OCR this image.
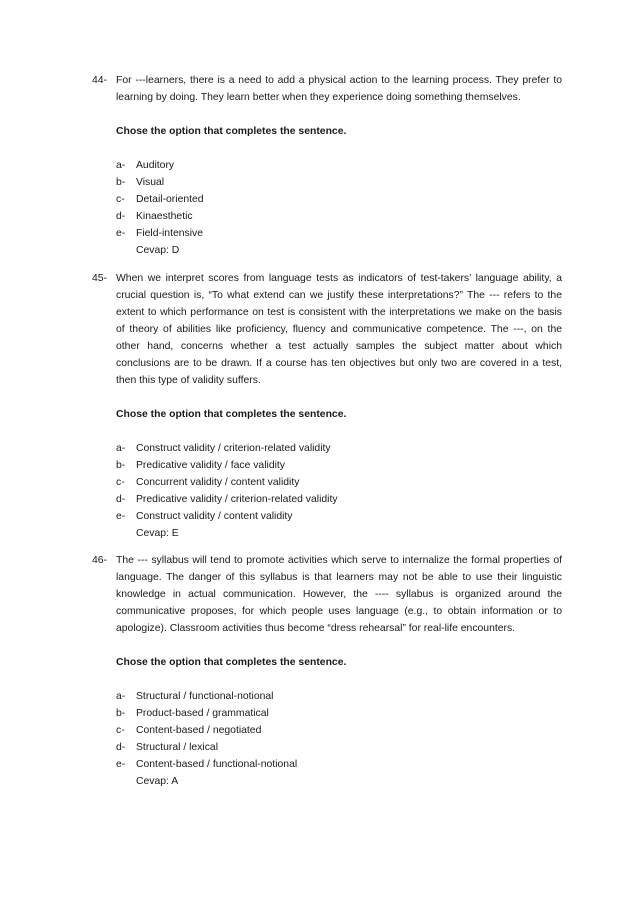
44- For ---learners, there is a need to add a physical action to the learning process. They prefer to learning by doing. They learn better when they experience doing something themselves.
Chose the option that completes the sentence.
a-	Auditory
b-	Visual
c-	Detail-oriented
d-	Kinaesthetic
e-	Field-intensive
Cevap: D
45- When we interpret scores from language tests as indicators of test-takers’ language ability, a crucial question is, “To what extend can we justify these interpretations?” The --- refers to the extent to which performance on test is consistent with the interpretations we make on the basis of theory of abilities like proficiency, fluency and communicative competence. The ---, on the other hand, concerns whether a test actually samples the subject matter about which conclusions are to be drawn. If a course has ten objectives but only two are covered in a test, then this type of validity suffers.
Chose the option that completes the sentence.
a-	Construct validity / criterion-related validity
b-	Predicative validity / face validity
c-	Concurrent validity / content validity
d-	Predicative validity / criterion-related validity
e-	Construct validity / content validity
Cevap: E
46- The --- syllabus will tend to promote activities which serve to internalize the formal properties of language. The danger of this syllabus is that learners may not be able to use their linguistic knowledge in actual communication. However, the ---- syllabus is organized around the communicative proposes, for which people uses language (e.g., to obtain information or to apologize). Classroom activities thus become “dress rehearsal” for real-life encounters.
Chose the option that completes the sentence.
a-	Structural / functional-notional
b-	Product-based / grammatical
c-	Content-based / negotiated
d-	Structural / lexical
e-	Content-based / functional-notional
Cevap: A
